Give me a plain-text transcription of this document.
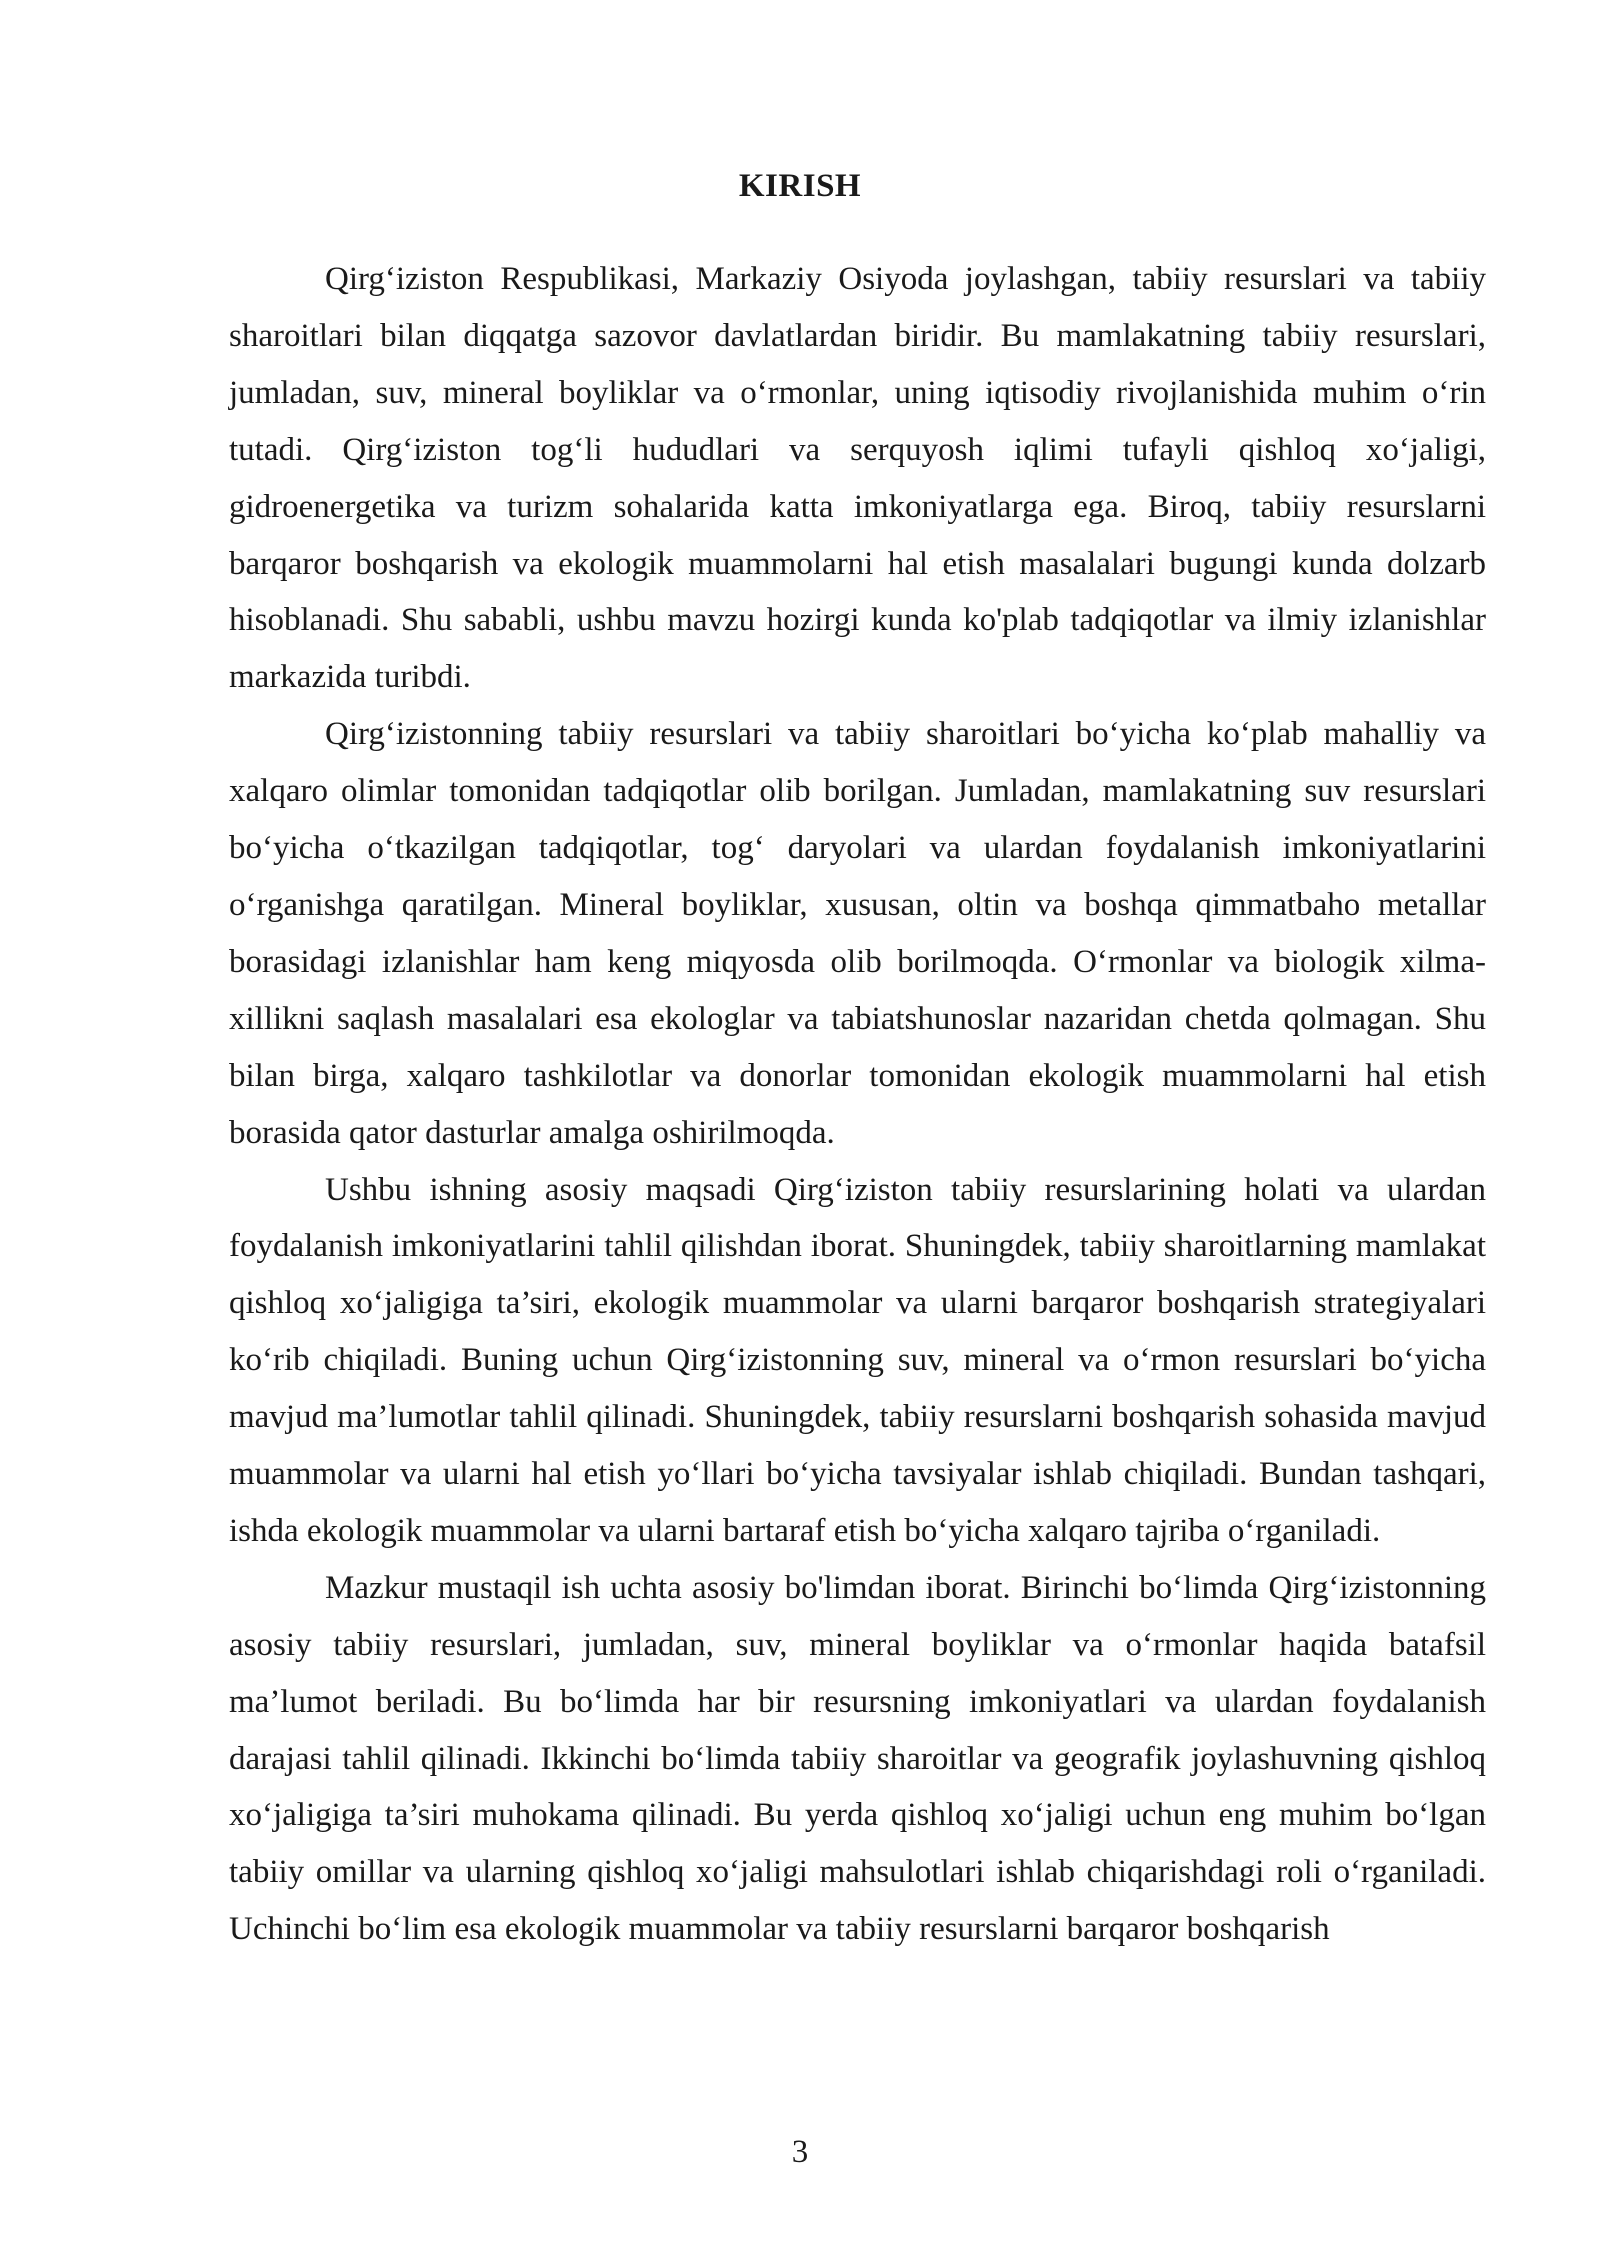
KIRISH

Qirg‘iziston Respublikasi, Markaziy Osiyoda joylashgan, tabiiy resurslari va tabiiy sharoitlari bilan diqqatga sazovor davlatlardan biridir. Bu mamlakatning tabiiy resurslari, jumladan, suv, mineral boyliklar va o‘rmonlar, uning iqtisodiy rivojlanishida muhim o‘rin tutadi. Qirg‘iziston tog‘li hududlari va serquyosh iqlimi tufayli qishloq xo‘jaligi, gidroenergetika va turizm sohalarida katta imkoniyatlarga ega. Biroq, tabiiy resurslarni barqaror boshqarish va ekologik muammolarni hal etish masalalari bugungi kunda dolzarb hisoblanadi. Shu sababli, ushbu mavzu hozirgi kunda ko'plab tadqiqotlar va ilmiy izlanishlar markazida turibdi.

Qirg‘izistonning tabiiy resurslari va tabiiy sharoitlari bo‘yicha ko‘plab mahalliy va xalqaro olimlar tomonidan tadqiqotlar olib borilgan. Jumladan, mamlakatning suv resurslari bo‘yicha o‘tkazilgan tadqiqotlar, tog‘ daryolari va ulardan foydalanish imkoniyatlarini o‘rganishga qaratilgan. Mineral boyliklar, xususan, oltin va boshqa qimmatbaho metallar borasidagi izlanishlar ham keng miqyosda olib borilmoqda. O‘rmonlar va biologik xilma-xillikni saqlash masalalari esa ekologlar va tabiatshunoslar nazaridan chetda qolmagan. Shu bilan birga, xalqaro tashkilotlar va donorlar tomonidan ekologik muammolarni hal etish borasida qator dasturlar amalga oshirilmoqda.

Ushbu ishning asosiy maqsadi Qirg‘iziston tabiiy resurslarining holati va ulardan foydalanish imkoniyatlarini tahlil qilishdan iborat. Shuningdek, tabiiy sharoitlarning mamlakat qishloq xo‘jaligiga ta’siri, ekologik muammolar va ularni barqaror boshqarish strategiyalari ko‘rib chiqiladi. Buning uchun Qirg‘izistonning suv, mineral va o‘rmon resurslari bo‘yicha mavjud ma’lumotlar tahlil qilinadi. Shuningdek, tabiiy resurslarni boshqarish sohasida mavjud muammolar va ularni hal etish yo‘llari bo‘yicha tavsiyalar ishlab chiqiladi. Bundan tashqari, ishda ekologik muammolar va ularni bartaraf etish bo‘yicha xalqaro tajriba o‘rganiladi.

Mazkur mustaqil ish uchta asosiy bo'limdan iborat. Birinchi bo‘limda Qirg‘izistonning asosiy tabiiy resurslari, jumladan, suv, mineral boyliklar va o‘rmonlar haqida batafsil ma’lumot beriladi. Bu bo‘limda har bir resursning imkoniyatlari va ulardan foydalanish darajasi tahlil qilinadi. Ikkinchi bo‘limda tabiiy sharoitlar va geografik joylashuvning qishloq xo‘jaligiga ta’siri muhokama qilinadi. Bu yerda qishloq xo‘jaligi uchun eng muhim bo‘lgan tabiiy omillar va ularning qishloq xo‘jaligi mahsulotlari ishlab chiqarishdagi roli o‘rganiladi. Uchinchi bo‘lim esa ekologik muammolar va tabiiy resurslarni barqaror boshqarish

3
